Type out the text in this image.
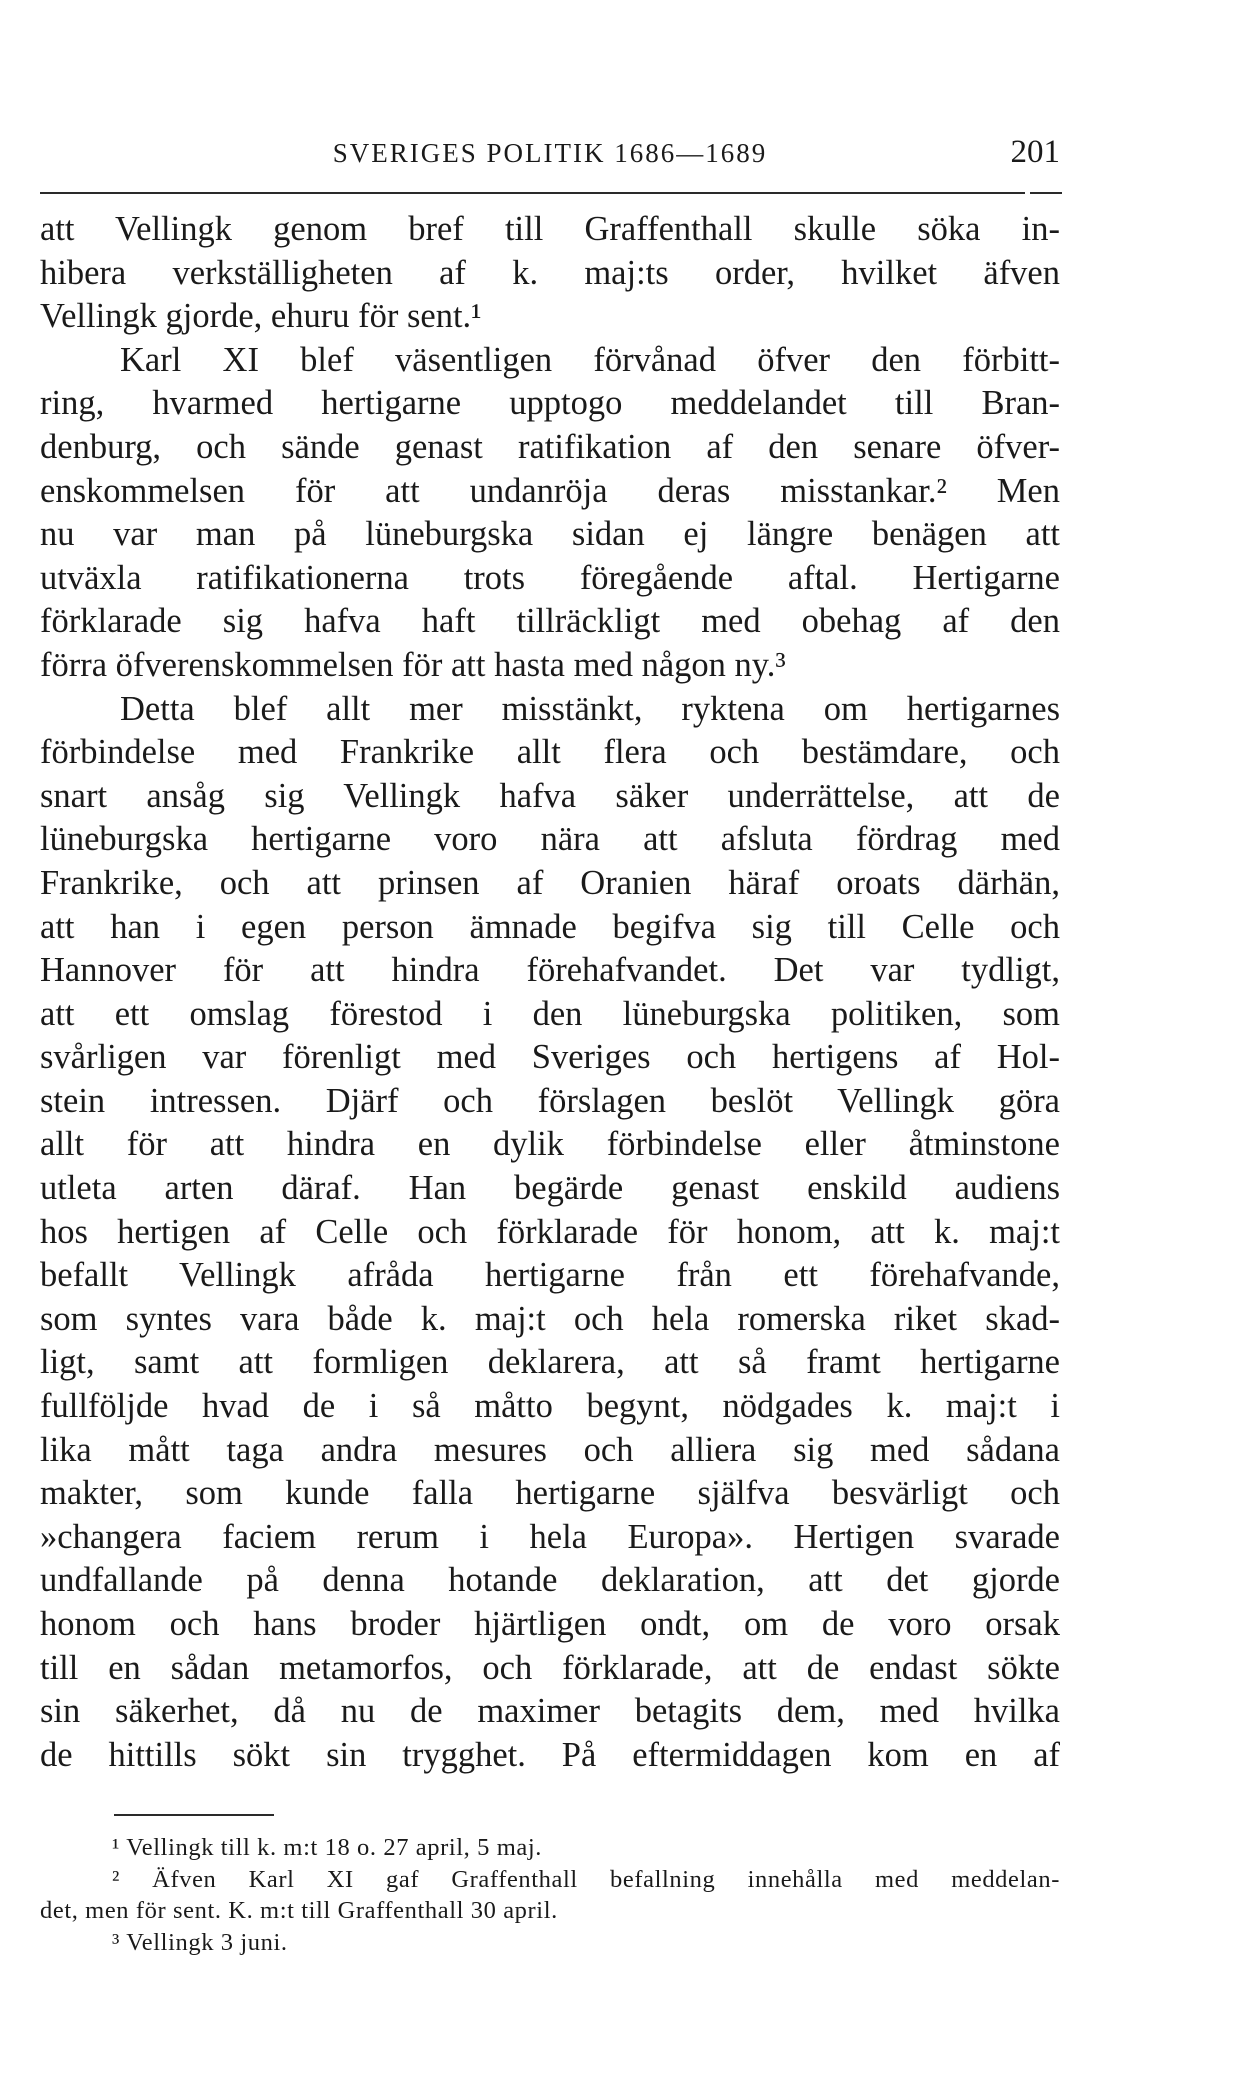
SVERIGES POLITIK 1686—1689	201
att Vellingk genom bref till Graffenthall skulle söka in-
hibera verkställigheten af k. maj:ts order, hvilket äfven
Vellingk gjorde, ehuru för sent.¹
Karl XI blef väsentligen förvånad öfver den förbitt-
ring, hvarmed hertigarne upptogo meddelandet till Bran-
denburg, och sände genast ratifikation af den senare öfver-
enskommelsen för att undanröja deras misstankar.² Men
nu var man på lüneburgska sidan ej längre benägen att
utväxla ratifikationerna trots föregående aftal. Hertigarne
förklarade sig hafva haft tillräckligt med obehag af den
förra öfverenskommelsen för att hasta med någon ny.³
Detta blef allt mer misstänkt, ryktena om hertigarnes
förbindelse med Frankrike allt flera och bestämdare, och
snart ansåg sig Vellingk hafva säker underrättelse, att de
lüneburgska hertigarne voro nära att afsluta fördrag med
Frankrike, och att prinsen af Oranien häraf oroats därhän,
att han i egen person ämnade begifva sig till Celle och
Hannover för att hindra förehafvandet. Det var tydligt,
att ett omslag förestod i den lüneburgska politiken, som
svårligen var förenligt med Sveriges och hertigens af Hol-
stein intressen. Djärf och förslagen beslöt Vellingk göra
allt för att hindra en dylik förbindelse eller åtminstone
utleta arten däraf. Han begärde genast enskild audiens
hos hertigen af Celle och förklarade för honom, att k. maj:t
befallt Vellingk afråda hertigarne från ett förehafvande,
som syntes vara både k. maj:t och hela romerska riket skad-
ligt, samt att formligen deklarera, att så framt hertigarne
fullföljde hvad de i så måtto begynt, nödgades k. maj:t i
lika mått taga andra mesures och alliera sig med sådana
makter, som kunde falla hertigarne själfva besvärligt och
»changera faciem rerum i hela Europa». Hertigen svarade
undfallande på denna hotande deklaration, att det gjorde
honom och hans broder hjärtligen ondt, om de voro orsak
till en sådan metamorfos, och förklarade, att de endast sökte
sin säkerhet, då nu de maximer betagits dem, med hvilka
de hittills sökt sin trygghet. På eftermiddagen kom en af
¹ Vellingk till k. m:t 18 o. 27 april, 5 maj.
² Äfven Karl XI gaf Graffenthall befallning innehålla med meddelan-
det, men för sent. K. m:t till Graffenthall 30 april.
³ Vellingk 3 juni.
